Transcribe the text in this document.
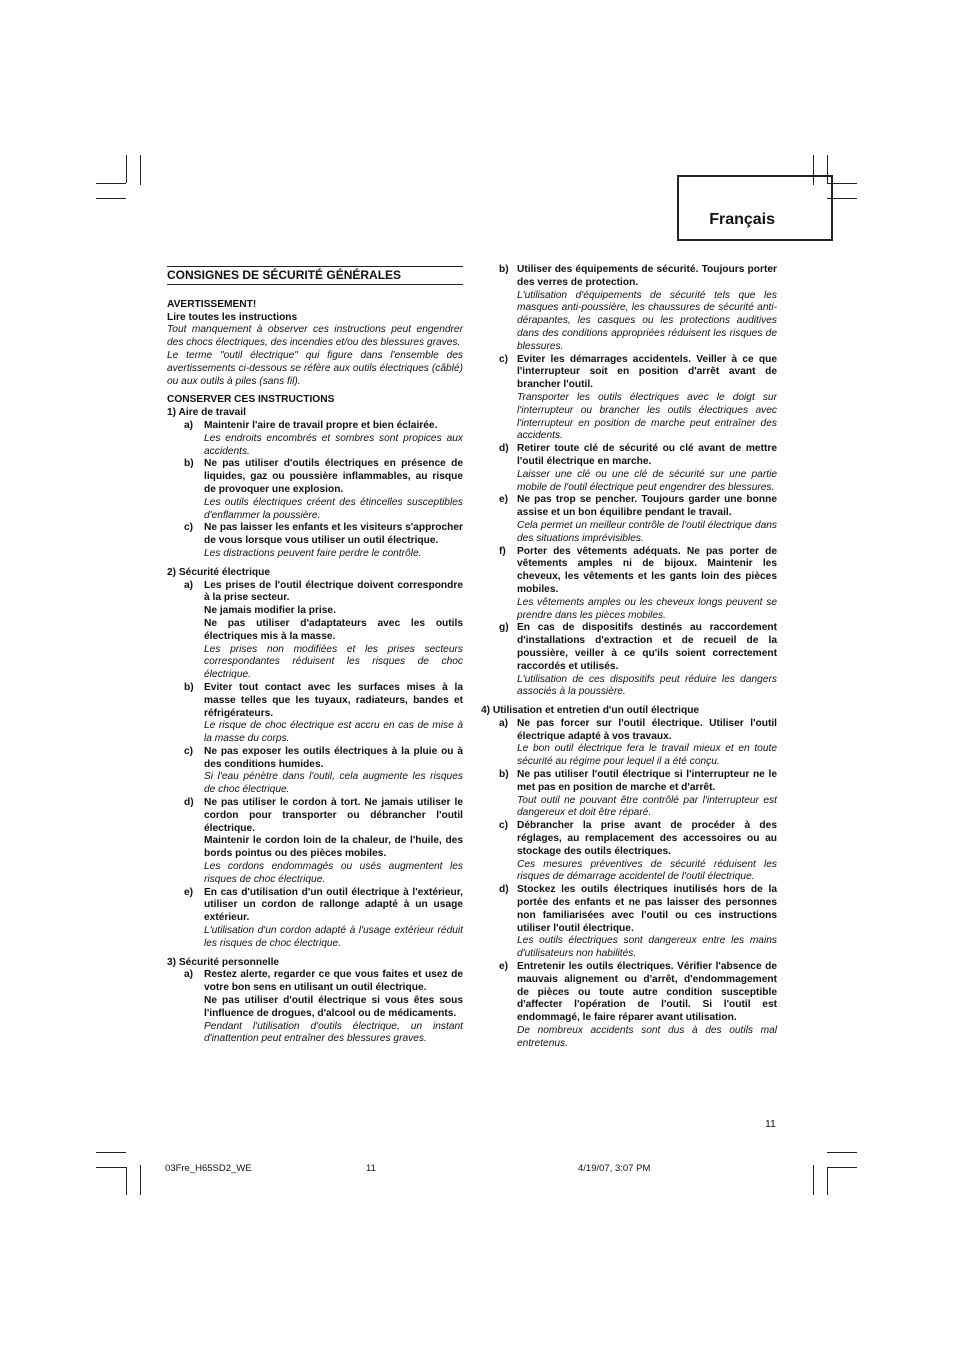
Français
CONSIGNES DE SÉCURITÉ GÉNÉRALES
AVERTISSEMENT!
Lire toutes les instructions
Tout manquement à observer ces instructions peut engendrer des chocs électriques, des incendies et/ou des blessures graves.
Le terme "outil électrique" qui figure dans l'ensemble des avertissements ci-dessous se réfère aux outils électriques (câblé) ou aux outils à piles (sans fil).
CONSERVER CES INSTRUCTIONS
1) Aire de travail
a) Maintenir l'aire de travail propre et bien éclairée.
Les endroits encombrés et sombres sont propices aux accidents.
b) Ne pas utiliser d'outils électriques en présence de liquides, gaz ou poussière inflammables, au risque de provoquer une explosion.
Les outils électriques créent des étincelles susceptibles d'enflammer la poussière.
c) Ne pas laisser les enfants et les visiteurs s'approcher de vous lorsque vous utiliser un outil électrique.
Les distractions peuvent faire perdre le contrôle.
2) Sécurité électrique
a) Les prises de l'outil électrique doivent correspondre à la prise secteur.
Ne jamais modifier la prise.
Ne pas utiliser d'adaptateurs avec les outils électriques mis à la masse.
Les prises non modifiées et les prises secteurs correspondantes réduisent les risques de choc électrique.
b) Eviter tout contact avec les surfaces mises à la masse telles que les tuyaux, radiateurs, bandes et réfrigérateurs.
Le risque de choc électrique est accru en cas de mise à la masse du corps.
c) Ne pas exposer les outils électriques à la pluie ou à des conditions humides.
Si l'eau pénètre dans l'outil, cela augmente les risques de choc électrique.
d) Ne pas utiliser le cordon à tort. Ne jamais utiliser le cordon pour transporter ou débrancher l'outil électrique.
Maintenir le cordon loin de la chaleur, de l'huile, des bords pointus ou des pièces mobiles.
Les cordons endommagés ou usés augmentent les risques de choc électrique.
e) En cas d'utilisation d'un outil électrique à l'extérieur, utiliser un cordon de rallonge adapté à un usage extérieur.
L'utilisation d'un cordon adapté à l'usage extérieur réduit les risques de choc électrique.
3) Sécurité personnelle
a) Restez alerte, regarder ce que vous faites et usez de votre bon sens en utilisant un outil électrique.
Ne pas utiliser d'outil électrique si vous êtes sous l'influence de drogues, d'alcool ou de médicaments.
Pendant l'utilisation d'outils électrique, un instant d'inattention peut entraîner des blessures graves.
b) Utiliser des équipements de sécurité. Toujours porter des verres de protection.
L'utilisation d'équipements de sécurité tels que les masques anti-poussière, les chaussures de sécurité anti-dérapantes, les casques ou les protections auditives dans des conditions appropriées réduisent les risques de blessures.
c) Eviter les démarrages accidentels. Veiller à ce que l'interrupteur soit en position d'arrêt avant de brancher l'outil.
Transporter les outils électriques avec le doigt sur l'interrupteur ou brancher les outils électriques avec l'interrupteur en position de marche peut entraîner des accidents.
d) Retirer toute clé de sécurité ou clé avant de mettre l'outil électrique en marche.
Laisser une clé ou une clé de sécurité sur une partie mobile de l'outil électrique peut engendrer des blessures.
e) Ne pas trop se pencher. Toujours garder une bonne assise et un bon équilibre pendant le travail.
Cela permet un meilleur contrôle de l'outil électrique dans des situations imprévisibles.
f) Porter des vêtements adéquats. Ne pas porter de vêtements amples ni de bijoux. Maintenir les cheveux, les vêtements et les gants loin des pièces mobiles.
Les vêtements amples ou les cheveux longs peuvent se prendre dans les pièces mobiles.
g) En cas de dispositifs destinés au raccordement d'installations d'extraction et de recueil de la poussière, veiller à ce qu'ils soient correctement raccordés et utilisés.
L'utilisation de ces dispositifs peut réduire les dangers associés à la poussière.
4) Utilisation et entretien d'un outil électrique
a) Ne pas forcer sur l'outil électrique. Utiliser l'outil électrique adapté à vos travaux.
Le bon outil électrique fera le travail mieux et en toute sécurité au régime pour lequel il a été conçu.
b) Ne pas utiliser l'outil électrique si l'interrupteur ne le met pas en position de marche et d'arrêt.
Tout outil ne pouvant être contrôlé par l'interrupteur est dangereux et doit être réparé.
c) Débrancher la prise avant de procéder à des réglages, au remplacement des accessoires ou au stockage des outils électriques.
Ces mesures préventives de sécurité réduisent les risques de démarrage accidentel de l'outil électrique.
d) Stockez les outils électriques inutilisés hors de la portée des enfants et ne pas laisser des personnes non familiarisées avec l'outil ou ces instructions utiliser l'outil électrique.
Les outils électriques sont dangereux entre les mains d'utilisateurs non habilités.
e) Entretenir les outils électriques. Vérifier l'absence de mauvais alignement ou d'arrêt, d'endommagement de pièces ou toute autre condition susceptible d'affecter l'opération de l'outil. Si l'outil est endommagé, le faire réparer avant utilisation.
De nombreux accidents sont dus à des outils mal entretenus.
11
03Fre_H65SD2_WE	11	4/19/07, 3:07 PM
